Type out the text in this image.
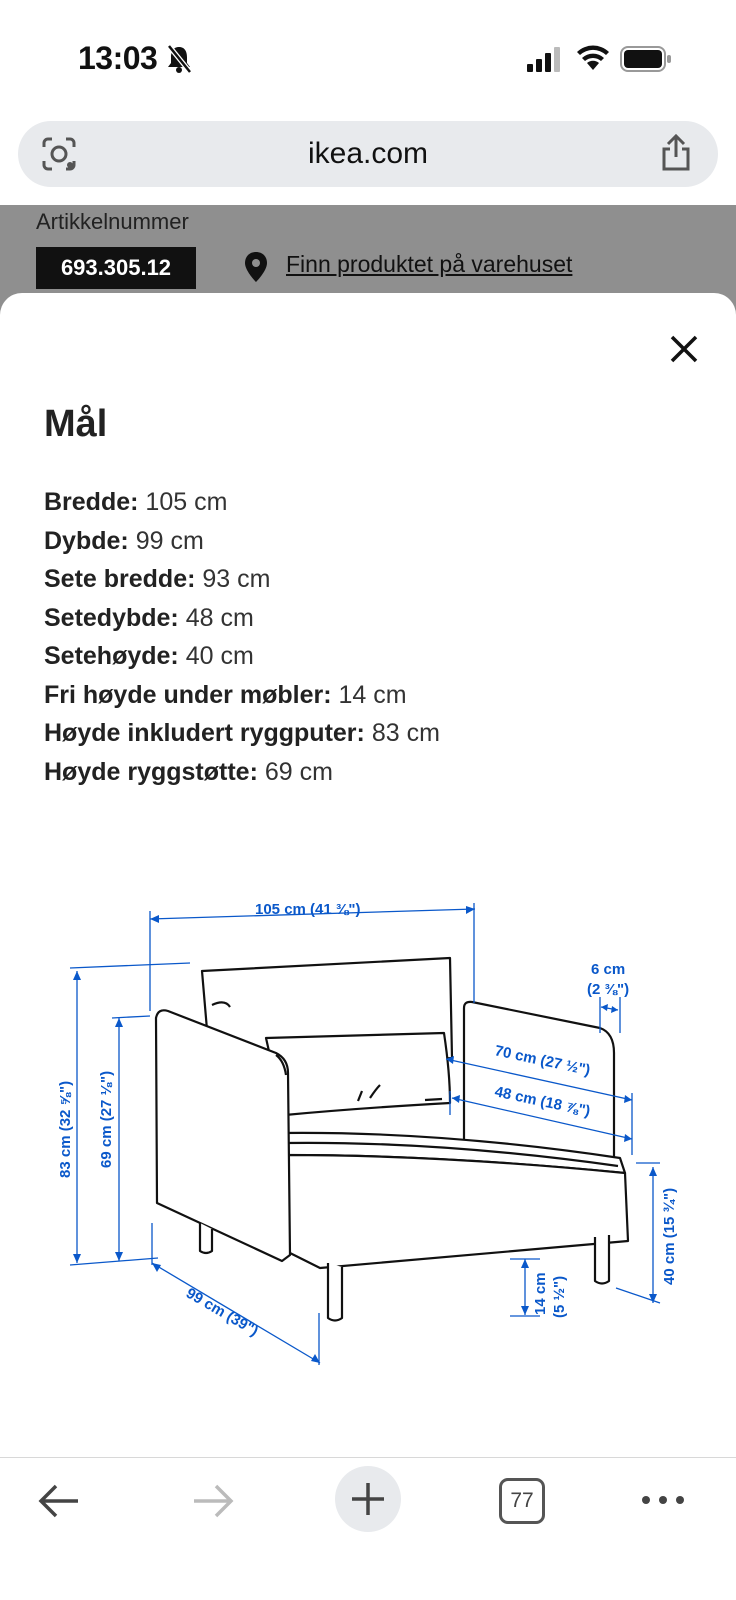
13:03
ikea.com
Artikkelnummer
693.305.12	Finn produktet på varehuset
Mål
Bredde: 105 cm
Dybde: 99 cm
Sete bredde: 93 cm
Setedybde: 48 cm
Setehøyde: 40 cm
Fri høyde under møbler: 14 cm
Høyde inkludert ryggputer: 83 cm
Høyde ryggstøtte: 69 cm
105 cm (41 ⅜")
6 cm
(2 ⅜")
70 cm (27 ½")
48 cm (18 ⅞")
83 cm (32 ⅝") 69 cm (27 ⅛")
99 cm (39")	14 cm (5 ½")
40 cm (15 ¾")
77
